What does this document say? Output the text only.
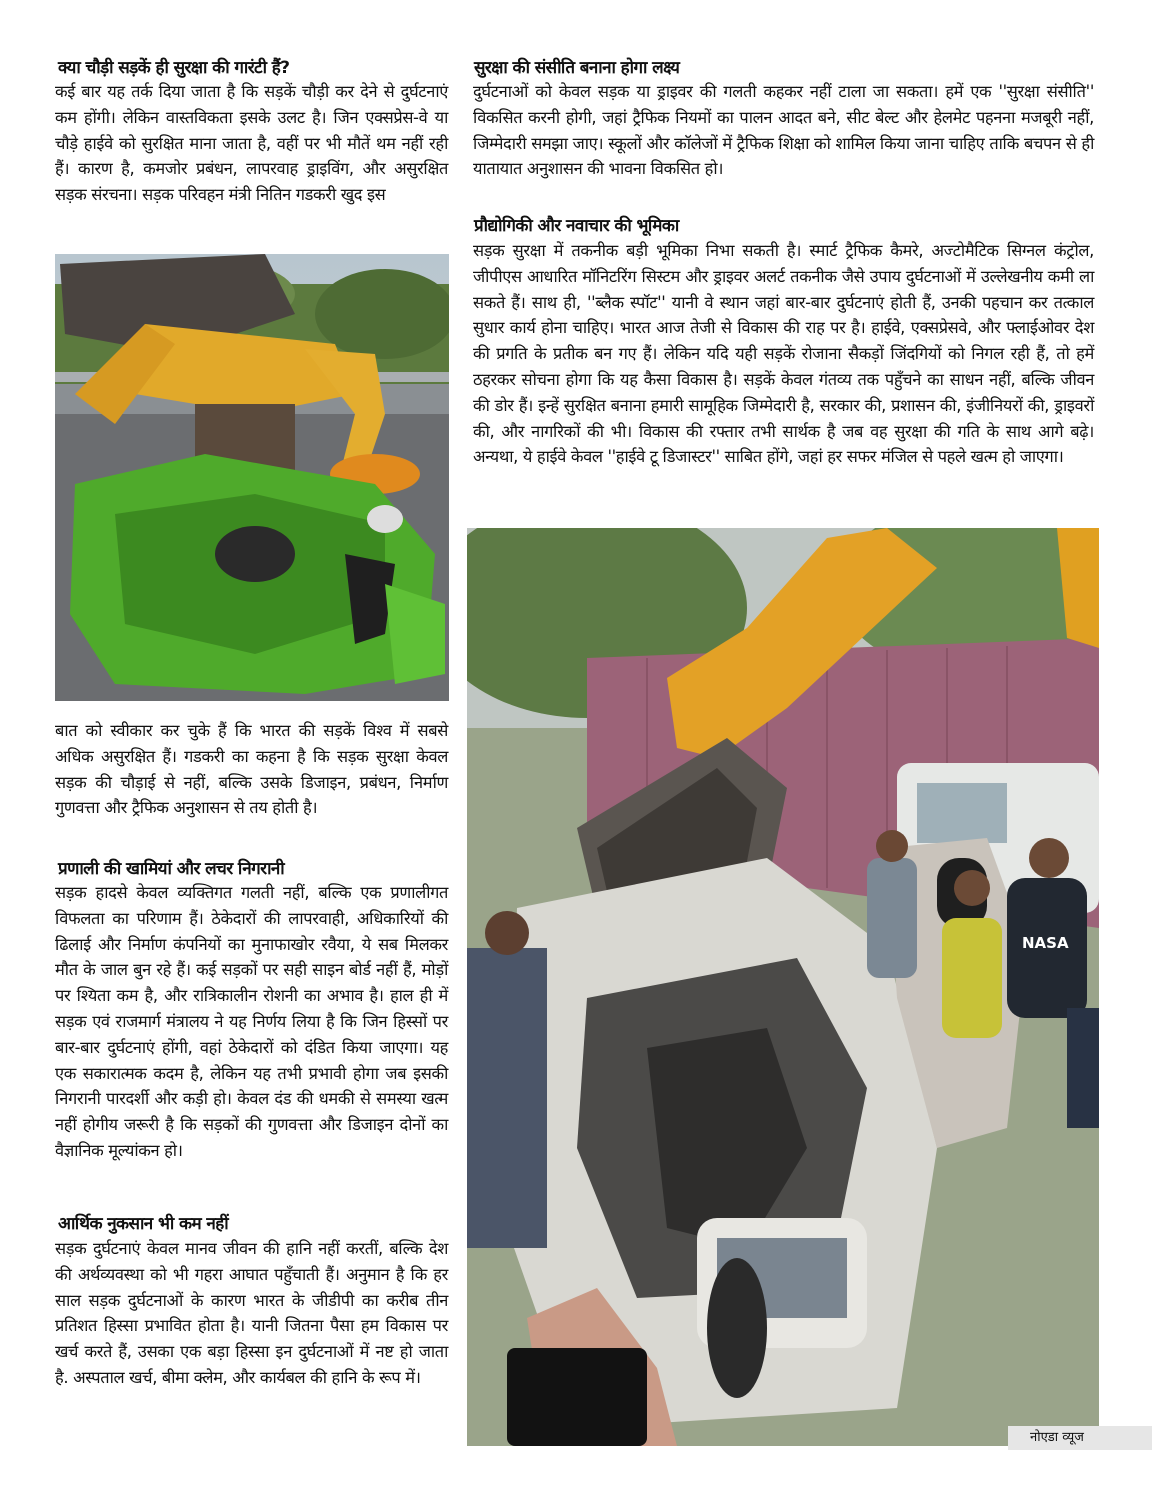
क्या चौड़ी सड़कें ही सुरक्षा की गारंटी हैं?

कई बार यह तर्क दिया जाता है कि सड़कें चौड़ी कर देने से दुर्घटनाएं कम होंगी। लेकिन वास्तविकता इसके उलट है। जिन एक्सप्रेस-वे या चौड़े हाईवे को सुरक्षित माना जाता है, वहीं पर भी मौतें थम नहीं रही हैं। कारण है, कमजोर प्रबंधन, लापरवाह ड्राइविंग, और असुरक्षित सड़क संरचना। सड़क परिवहन मंत्री नितिन गडकरी खुद इस

बात को स्वीकार कर चुके हैं कि भारत की सड़कें विश्व में सबसे अधिक असुरक्षित हैं। गडकरी का कहना है कि सड़क सुरक्षा केवल सड़क की चौड़ाई से नहीं, बल्कि उसके डिजाइन, प्रबंधन, निर्माण गुणवत्ता और ट्रैफिक अनुशासन से तय होती है।

प्रणाली की खामियां और लचर निगरानी

सड़क हादसे केवल व्यक्तिगत गलती नहीं, बल्कि एक प्रणालीगत विफलता का परिणाम हैं। ठेकेदारों की लापरवाही, अधिकारियों की ढिलाई और निर्माण कंपनियों का मुनाफाखोर रवैया, ये सब मिलकर मौत के जाल बुन रहे हैं। कई सड़कों पर सही साइन बोर्ड नहीं हैं, मोड़ों पर श्यिता कम है, और रात्रिकालीन रोशनी का अभाव है। हाल ही में सड़क एवं राजमार्ग मंत्रालय ने यह निर्णय लिया है कि जिन हिस्सों पर बार-बार दुर्घटनाएं होंगी, वहां ठेकेदारों को दंडित किया जाएगा। यह एक सकारात्मक कदम है, लेकिन यह तभी प्रभावी होगा जब इसकी निगरानी पारदर्शी और कड़ी हो। केवल दंड की धमकी से समस्या खत्म नहीं होगीय जरूरी है कि सड़कों की गुणवत्ता और डिजाइन दोनों का वैज्ञानिक मूल्यांकन हो।

आर्थिक नुकसान भी कम नहीं

सड़क दुर्घटनाएं केवल मानव जीवन की हानि नहीं करतीं, बल्कि देश की अर्थव्यवस्था को भी गहरा आघात पहुँचाती हैं। अनुमान है कि हर साल सड़क दुर्घटनाओं के कारण भारत के जीडीपी का करीब तीन प्रतिशत हिस्सा प्रभावित होता है। यानी जितना पैसा हम विकास पर खर्च करते हैं, उसका एक बड़ा हिस्सा इन दुर्घटनाओं में नष्ट हो जाता है. अस्पताल खर्च, बीमा क्लेम, और कार्यबल की हानि के रूप में।

सुरक्षा की संसीति बनाना होगा लक्ष्य

दुर्घटनाओं को केवल सड़क या ड्राइवर की गलती कहकर नहीं टाला जा सकता। हमें एक ''सुरक्षा संसीति'' विकसित करनी होगी, जहां ट्रैफिक नियमों का पालन आदत बने, सीट बेल्ट और हेलमेट पहनना मजबूरी नहीं, जिम्मेदारी समझा जाए। स्कूलों और कॉलेजों में ट्रैफिक शिक्षा को शामिल किया जाना चाहिए ताकि बचपन से ही यातायात अनुशासन की भावना विकसित हो।

प्रौद्योगिकी और नवाचार की भूमिका

सड़क सुरक्षा में तकनीक बड़ी भूमिका निभा सकती है। स्मार्ट ट्रैफिक कैमरे, अज्टोमैटिक सिग्नल कंट्रोल, जीपीएस आधारित मॉनिटरिंग सिस्टम और ड्राइवर अलर्ट तकनीक जैसे उपाय दुर्घटनाओं में उल्लेखनीय कमी ला सकते हैं। साथ ही, ''ब्लैक स्पॉट'' यानी वे स्थान जहां बार-बार दुर्घटनाएं होती हैं, उनकी पहचान कर तत्काल सुधार कार्य होना चाहिए। भारत आज तेजी से विकास की राह पर है। हाईवे, एक्सप्रेसवे, और फ्लाईओवर देश की प्रगति के प्रतीक बन गए हैं। लेकिन यदि यही सड़कें रोजाना सैकड़ों जिंदगियों को निगल रही हैं, तो हमें ठहरकर सोचना होगा कि यह कैसा विकास है। सड़कें केवल गंतव्य तक पहुँचने का साधन नहीं, बल्कि जीवन की डोर हैं। इन्हें सुरक्षित बनाना हमारी सामूहिक जिम्मेदारी है, सरकार की, प्रशासन की, इंजीनियरों की, ड्राइवरों की, और नागरिकों की भी। विकास की रफ्तार तभी सार्थक है जब वह सुरक्षा की गति के साथ आगे बढ़े। अन्यथा, ये हाईवे केवल ''हाईवे टू डिजास्टर'' साबित होंगे, जहां हर सफर मंजिल से पहले खत्म हो जाएगा।

NASA
नोएडा व्यूज
